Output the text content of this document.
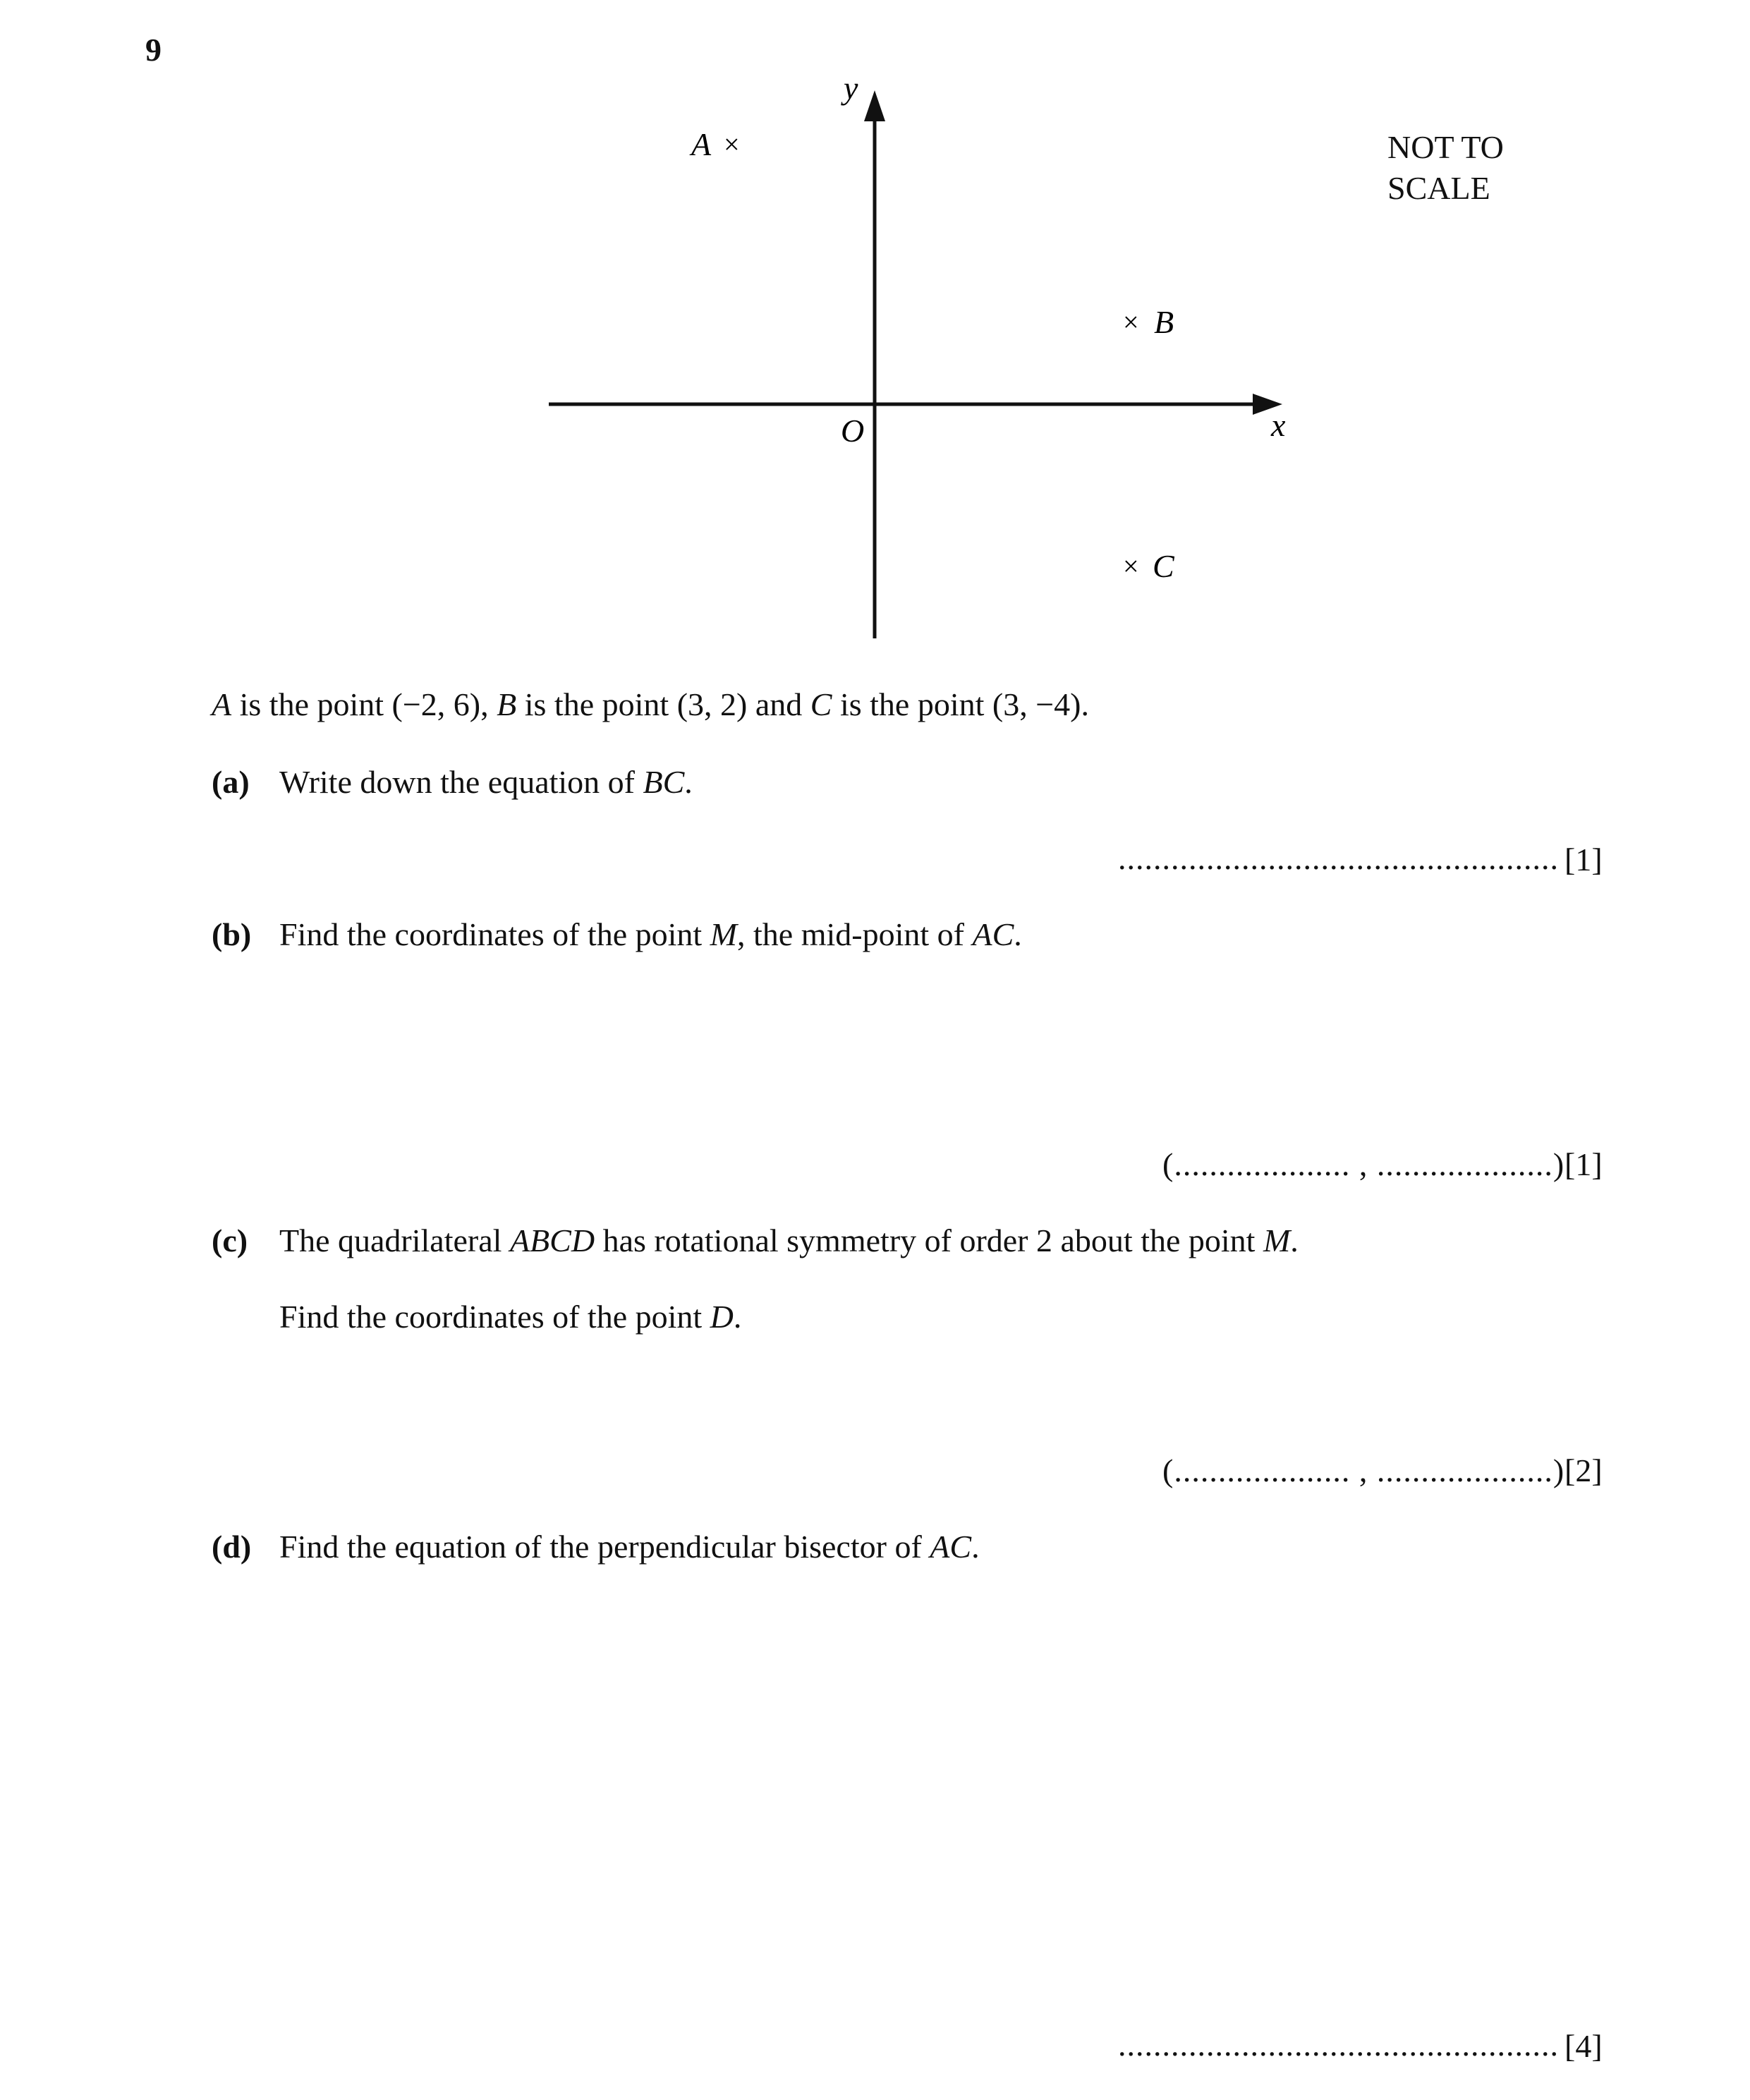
9
y
x
O
A ×
× B
× C
NOT TO
SCALE
A is the point (−2, 6), B is the point (3, 2) and C is the point (3, −4).
(a) Write down the equation of BC.
.................................................. [1]
(b) Find the coordinates of the point M, the mid-point of AC.
(.................... , ....................) [1]
(c) The quadrilateral ABCD has rotational symmetry of order 2 about the point M.
Find the coordinates of the point D.
(.................... , ....................) [2]
(d) Find the equation of the perpendicular bisector of AC.
.................................................. [4]
